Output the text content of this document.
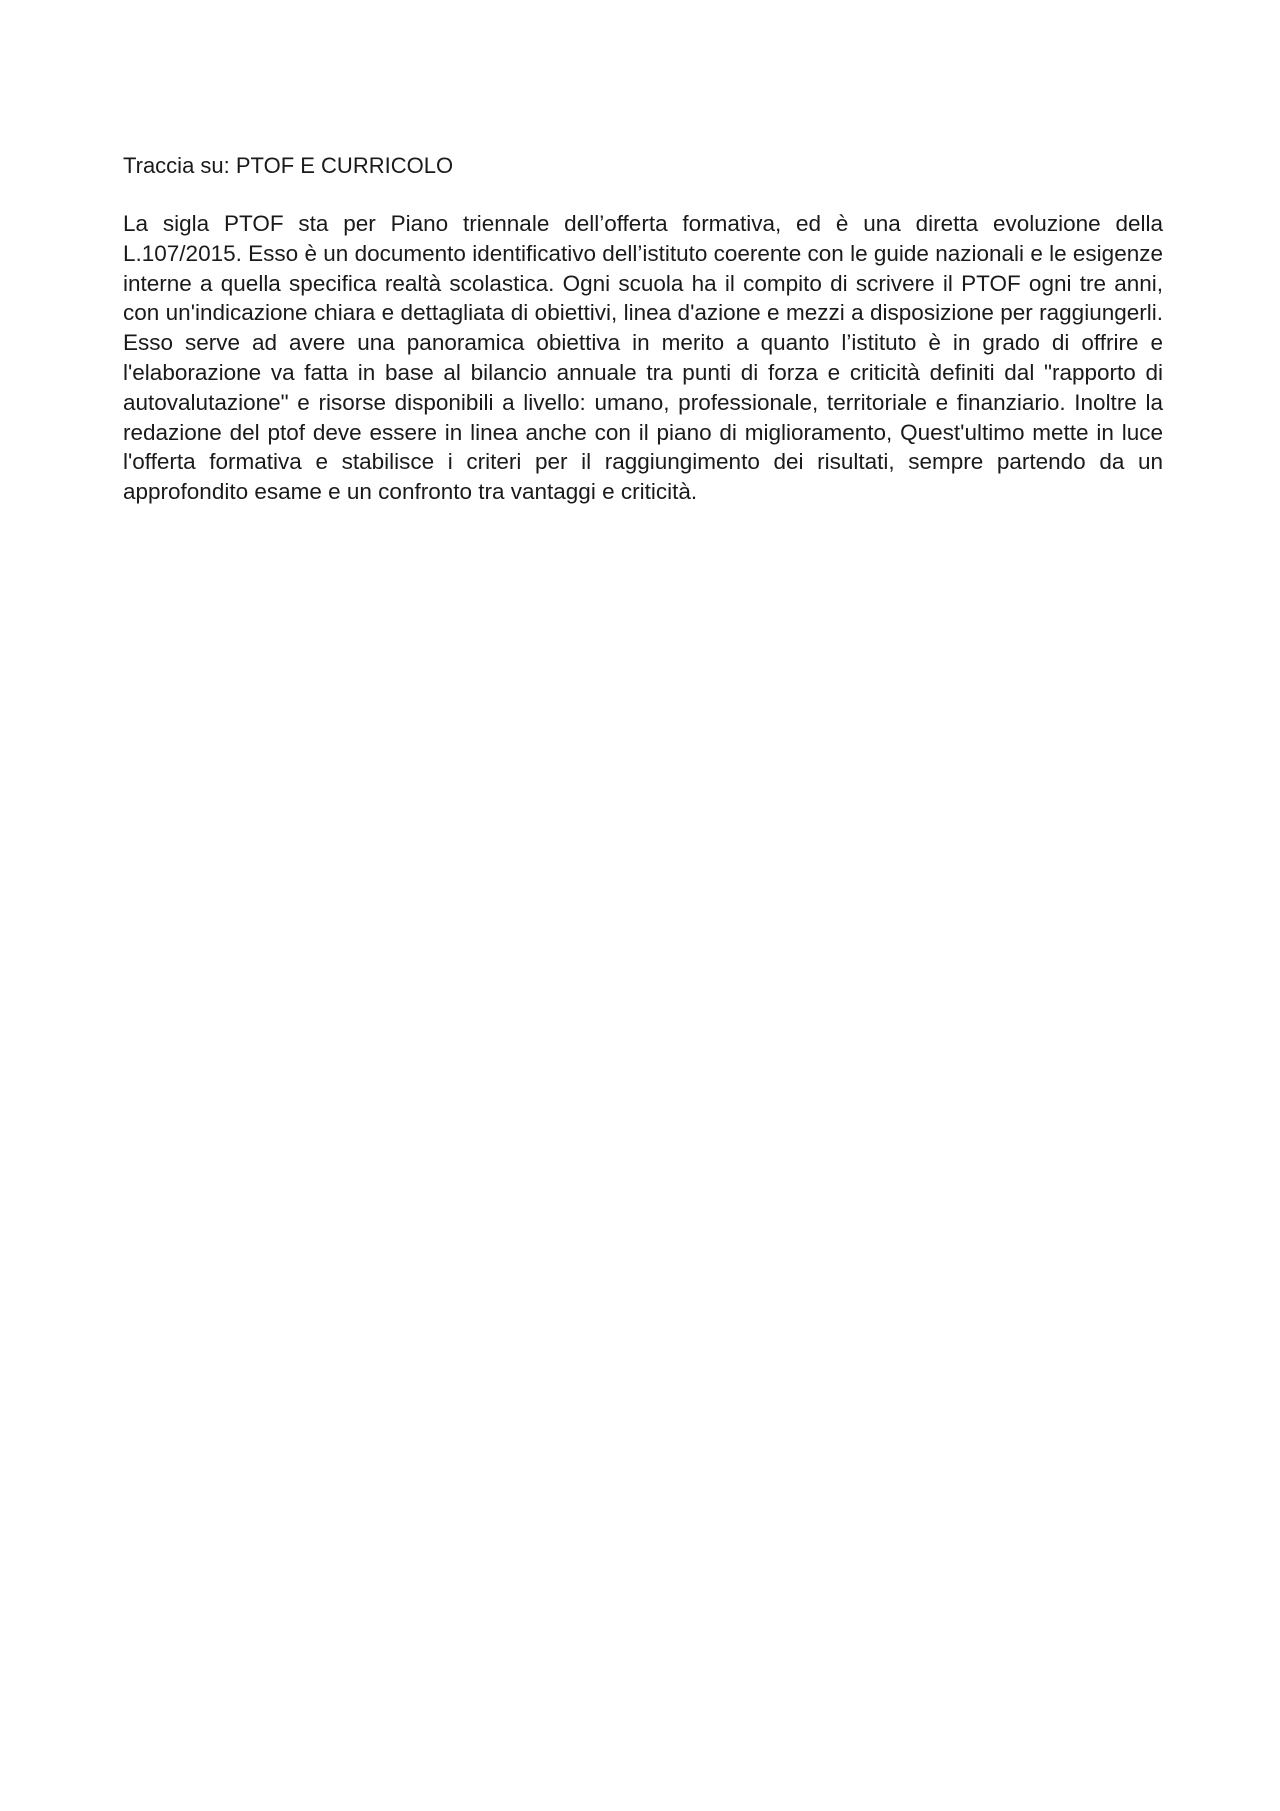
Traccia su: PTOF E CURRICOLO

La sigla PTOF sta per Piano triennale dell’offerta formativa, ed è una diretta evoluzione della L.107/2015. Esso è un documento identificativo dell’istituto coerente con le guide nazionali e le esigenze interne a quella specifica realtà scolastica. Ogni scuola ha il compito di scrivere il PTOF ogni tre anni, con un'indicazione chiara e dettagliata di obiettivi, linea d'azione e mezzi a disposizione per raggiungerli. Esso serve ad avere una panoramica obiettiva in merito a quanto l’istituto è in grado di offrire e l'elaborazione va fatta in base al bilancio annuale tra punti di forza e criticità definiti dal "rapporto di autovalutazione" e risorse disponibili a livello: umano, professionale, territoriale e finanziario. Inoltre la redazione del ptof deve essere in linea anche con il piano di miglioramento, Quest'ultimo mette in luce l'offerta formativa e stabilisce i criteri per il raggiungimento dei risultati, sempre partendo da un approfondito esame e un confronto tra vantaggi e criticità.
